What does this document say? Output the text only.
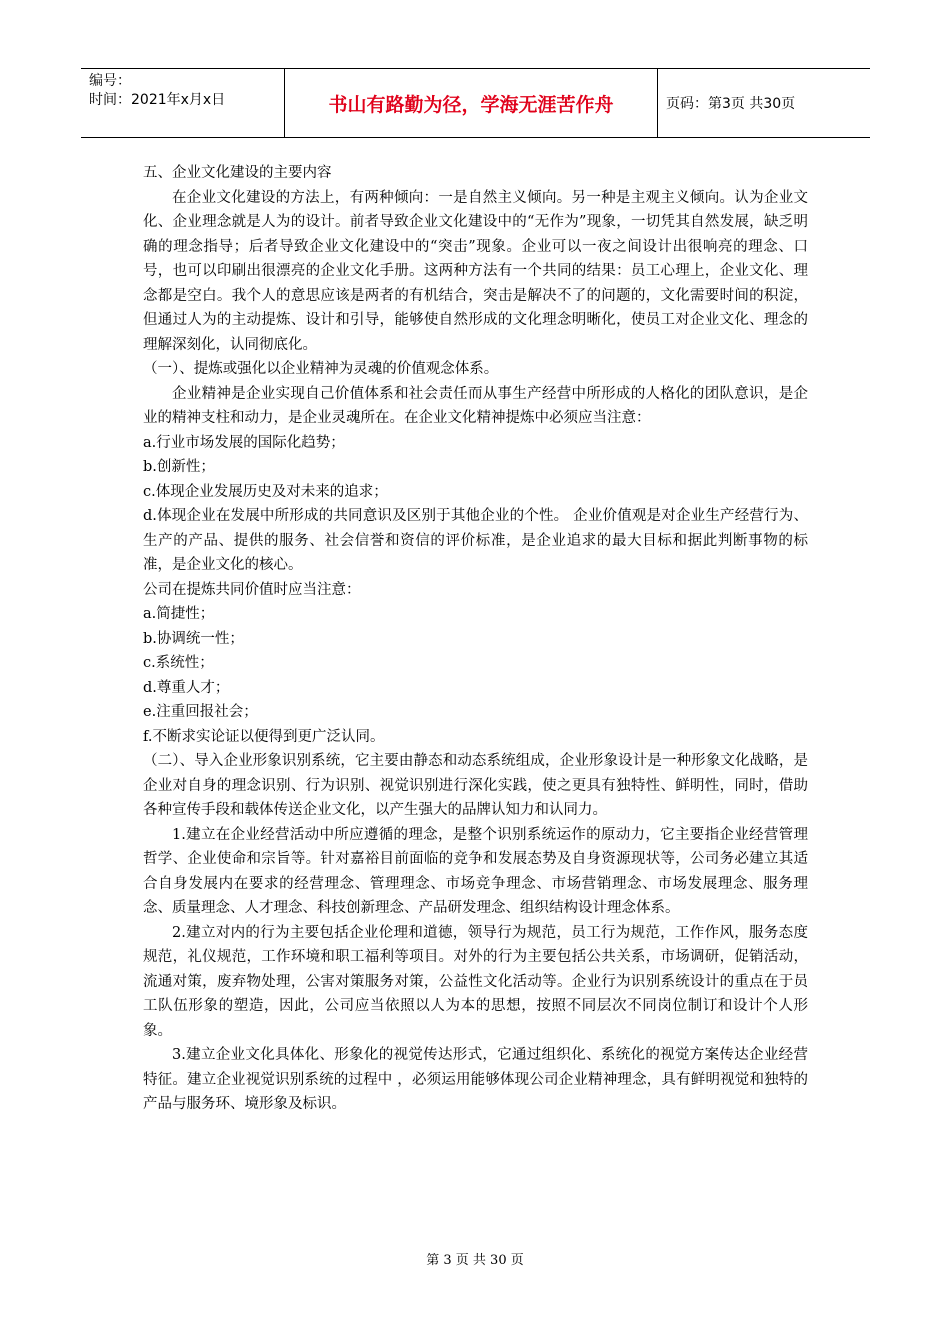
编号：
时间：2021年x月x日	书山有路勤为径，学海无涯苦作舟	页码：第3页 共30页

五、企业文化建设的主要内容

在企业文化建设的方法上，有两种倾向：一是自然主义倾向。另一种是主观主义倾向。认为企业文化、企业理念就是人为的设计。前者导致企业文化建设中的“无作为”现象，一切凭其自然发展，缺乏明确的理念指导；后者导致企业文化建设中的“突击”现象。企业可以一夜之间设计出很响亮的理念、口号，也可以印刷出很漂亮的企业文化手册。这两种方法有一个共同的结果：员工心理上，企业文化、理念都是空白。我个人的意思应该是两者的有机结合，突击是解决不了的问题的，文化需要时间的积淀，但通过人为的主动提炼、设计和引导，能够使自然形成的文化理念明晰化，使员工对企业文化、理念的理解深刻化，认同彻底化。

（一）、提炼或强化以企业精神为灵魂的价值观念体系。

企业精神是企业实现自己价值体系和社会责任而从事生产经营中所形成的人格化的团队意识，是企业的精神支柱和动力，是企业灵魂所在。在企业文化精神提炼中必须应当注意：

a.行业市场发展的国际化趋势；

b.创新性；

c.体现企业发展历史及对未来的追求；

d.体现企业在发展中所形成的共同意识及区别于其他企业的个性。 企业价值观是对企业生产经营行为、生产的产品、提供的服务、社会信誉和资信的评价标准，是企业追求的最大目标和据此判断事物的标准，是企业文化的核心。

公司在提炼共同价值时应当注意：

a.简捷性；

b.协调统一性；

c.系统性；

d.尊重人才；

e.注重回报社会；

f.不断求实论证以便得到更广泛认同。

（二）、导入企业形象识别系统，它主要由静态和动态系统组成，企业形象设计是一种形象文化战略，是企业对自身的理念识别、行为识别、视觉识别进行深化实践，使之更具有独特性、鲜明性，同时，借助各种宣传手段和载体传送企业文化，以产生强大的品牌认知力和认同力。

1.建立在企业经营活动中所应遵循的理念，是整个识别系统运作的原动力，它主要指企业经营管理哲学、企业使命和宗旨等。针对嘉裕目前面临的竞争和发展态势及自身资源现状等，公司务必建立其适合自身发展内在要求的经营理念、管理理念、市场竞争理念、市场营销理念、市场发展理念、服务理念、质量理念、人才理念、科技创新理念、产品研发理念、组织结构设计理念体系。

2.建立对内的行为主要包括企业伦理和道德，领导行为规范，员工行为规范，工作作风，服务态度规范，礼仪规范，工作环境和职工福利等项目。对外的行为主要包括公共关系，市场调研，促销活动，流通对策，废弃物处理，公害对策服务对策，公益性文化活动等。企业行为识别系统设计的重点在于员工队伍形象的塑造，因此，公司应当依照以人为本的思想，按照不同层次不同岗位制订和设计个人形象。

3.建立企业文化具体化、形象化的视觉传达形式，它通过组织化、系统化的视觉方案传达企业经营特征。建立企业视觉识别系统的过程中 ，必须运用能够体现公司企业精神理念，具有鲜明视觉和独特的产品与服务环、境形象及标识。

第 3 页 共 30 页
